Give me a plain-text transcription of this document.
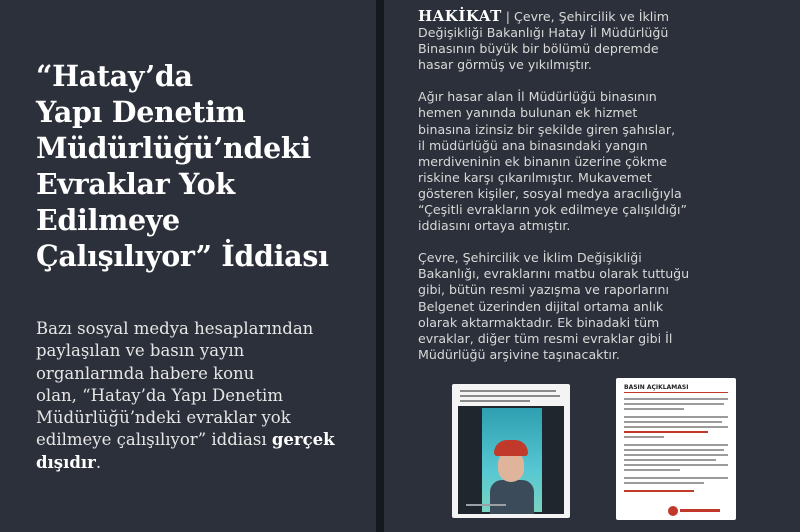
“Hatay’da
Yapı Denetim
Müdürlüğü’ndeki
Evraklar Yok
Edilmeye
Çalışılıyor” İddiası

Bazı sosyal medya hesaplarından
paylaşılan ve basın yayın
organlarında habere konu
olan, “Hatay’da Yapı Denetim
Müdürlüğü’ndeki evraklar yok
edilmeye çalışılıyor” iddiası gerçek
dışıdır.

HAKİKAT | Çevre, Şehircilik ve İklim
Değişikliği Bakanlığı Hatay İl Müdürlüğü
Binasının büyük bir bölümü depremde
hasar görmüş ve yıkılmıştır.

Ağır hasar alan İl Müdürlüğü binasının
hemen yanında bulunan ek hizmet
binasına izinsiz bir şekilde giren şahıslar,
il müdürlüğü ana binasındaki yangın
merdiveninin ek binanın üzerine çökme
riskine karşı çıkarılmıştır. Mukavemet
gösteren kişiler, sosyal medya aracılığıyla
“Çeşitli evrakların yok edilmeye çalışıldığı”
iddiasını ortaya atmıştır.

Çevre, Şehircilik ve İklim Değişikliği
Bakanlığı, evraklarını matbu olarak tuttuğu
gibi, bütün resmi yazışma ve raporlarını
Belgenet üzerinden dijital ortama anlık
olarak aktarmaktadır. Ek binadaki tüm
evraklar, diğer tüm resmi evraklar gibi İl
Müdürlüğü arşivine taşınacaktır.

BASIN AÇIKLAMASI
